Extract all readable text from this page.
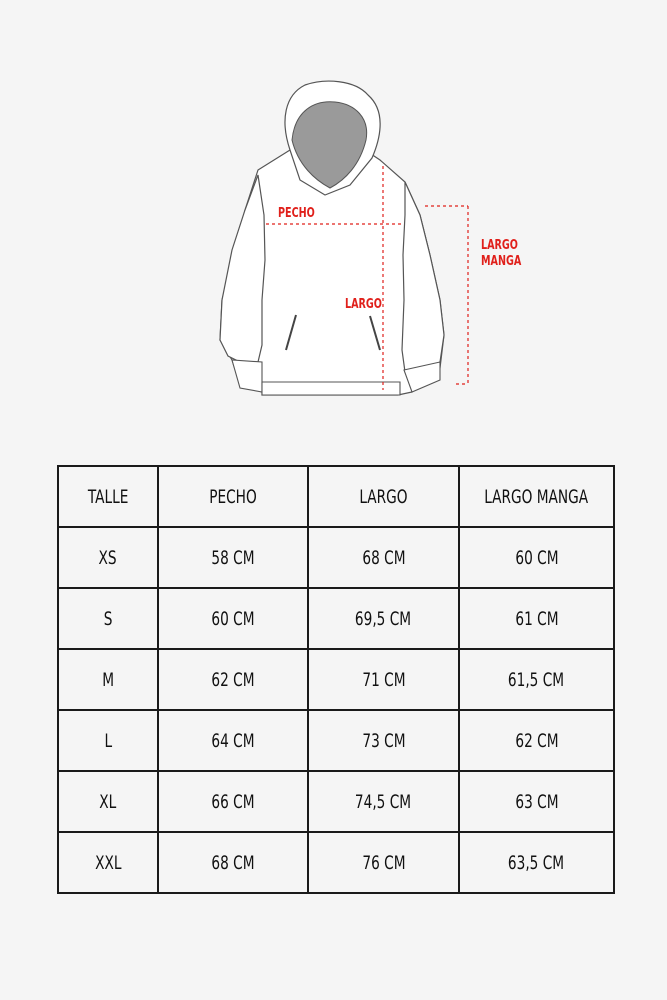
PECHO
LARGO
LARGO
MANGA
TALLE	PECHO	LARGO	LARGO MANGA
XS	58 CM	68 CM	60 CM
S	60 CM	69,5 CM	61 CM
M	62 CM	71 CM	61,5 CM
L	64 CM	73 CM	62 CM
XL	66 CM	74,5 CM	63 CM
XXL	68 CM	76 CM	63,5 CM
